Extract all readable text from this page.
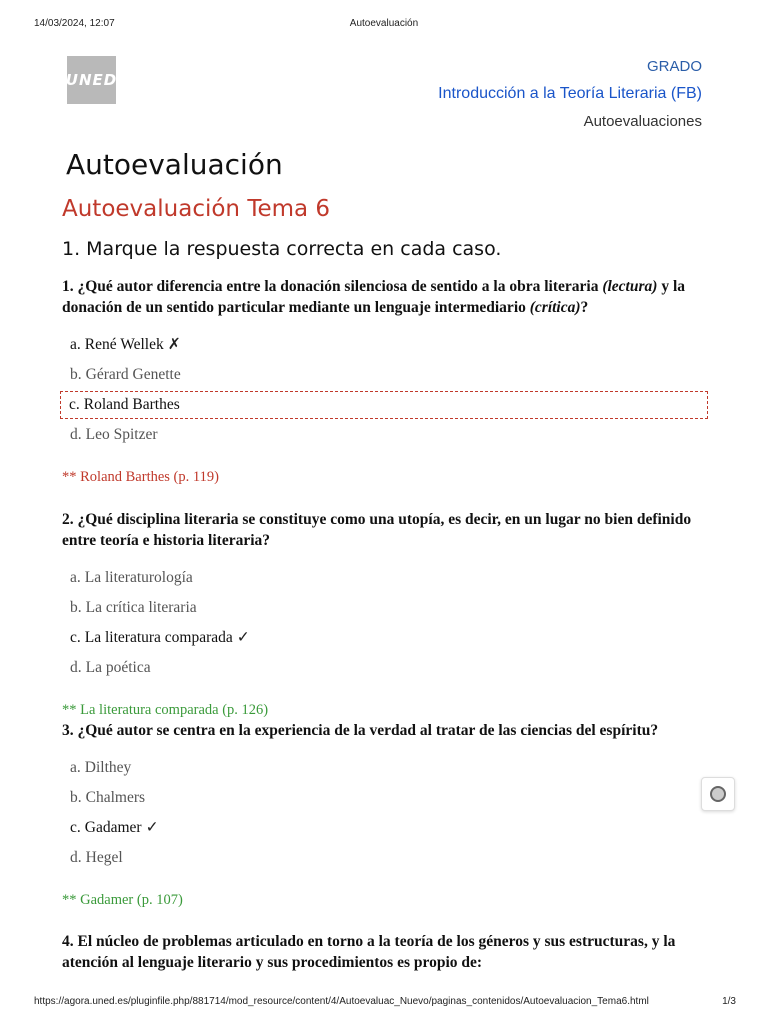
14/03/2024, 12:07	Autoevaluación
UNED
GRADO
Introducción a la Teoría Literaria (FB)
Autoevaluaciones
Autoevaluación
Autoevaluación Tema 6
1. Marque la respuesta correcta en cada caso.
1. ¿Qué autor diferencia entre la donación silenciosa de sentido a la obra literaria (lectura) y la donación de un sentido particular mediante un lenguaje intermediario (crítica)?
a. René Wellek ✗
b. Gérard Genette
c. Roland Barthes
d. Leo Spitzer
** Roland Barthes (p. 119)
2. ¿Qué disciplina literaria se constituye como una utopía, es decir, en un lugar no bien definido entre teoría e historia literaria?
a. La literaturología
b. La crítica literaria
c. La literatura comparada ✓
d. La poética
** La literatura comparada (p. 126)
3. ¿Qué autor se centra en la experiencia de la verdad al tratar de las ciencias del espíritu?
a. Dilthey
b. Chalmers
c. Gadamer ✓
d. Hegel
** Gadamer (p. 107)
4. El núcleo de problemas articulado en torno a la teoría de los géneros y sus estructuras, y la atención al lenguaje literario y sus procedimientos es propio de:
https://agora.uned.es/pluginfile.php/881714/mod_resource/content/4/Autoevaluac_Nuevo/paginas_contenidos/Autoevaluacion_Tema6.html	1/3
